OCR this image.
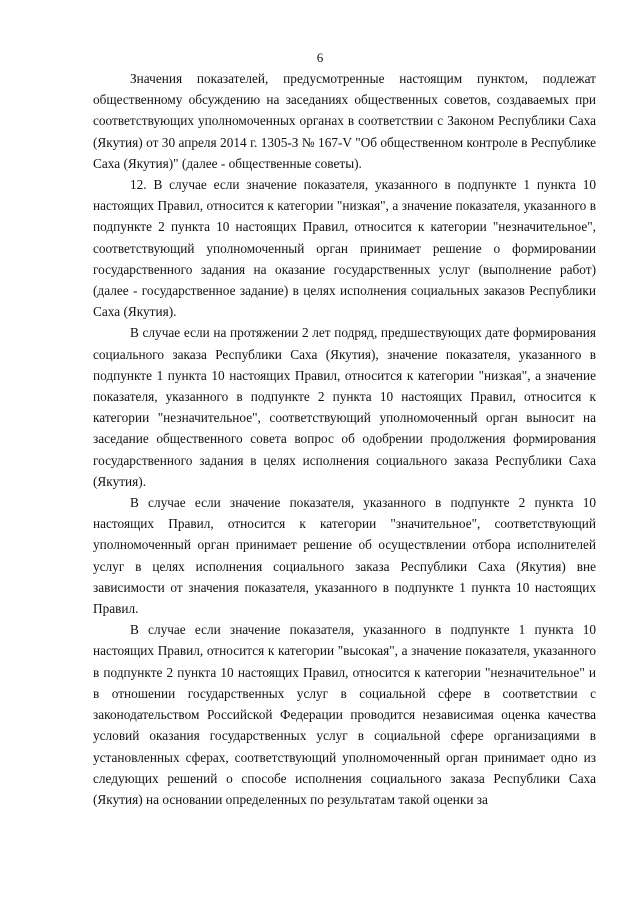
6

Значения показателей, предусмотренные настоящим пунктом, подлежат общественному обсуждению на заседаниях общественных советов, создаваемых при соответствующих уполномоченных органах в соответствии с Законом Республики Саха (Якутия) от 30 апреля 2014 г. 1305-З № 167-V "Об общественном контроле в Республике Саха (Якутия)" (далее - общественные советы).

12. В случае если значение показателя, указанного в подпункте 1 пункта 10 настоящих Правил, относится к категории "низкая", а значение показателя, указанного в подпункте 2 пункта 10 настоящих Правил, относится к категории "незначительное", соответствующий уполномоченный орган принимает решение о формировании государственного задания на оказание государственных услуг (выполнение работ) (далее - государственное задание) в целях исполнения социальных заказов Республики Саха (Якутия).

В случае если на протяжении 2 лет подряд, предшествующих дате формирования социального заказа Республики Саха (Якутия), значение показателя, указанного в подпункте 1 пункта 10 настоящих Правил, относится к категории "низкая", а значение показателя, указанного в подпункте 2 пункта 10 настоящих Правил, относится к категории "незначительное", соответствующий уполномоченный орган выносит на заседание общественного совета вопрос об одобрении продолжения формирования государственного задания в целях исполнения социального заказа Республики Саха (Якутия).

В случае если значение показателя, указанного в подпункте 2 пункта 10 настоящих Правил, относится к категории "значительное", соответствующий уполномоченный орган принимает решение об осуществлении отбора исполнителей услуг в целях исполнения социального заказа Республики Саха (Якутия) вне зависимости от значения показателя, указанного в подпункте 1 пункта 10 настоящих Правил.

В случае если значение показателя, указанного в подпункте 1 пункта 10 настоящих Правил, относится к категории "высокая", а значение показателя, указанного в подпункте 2 пункта 10 настоящих Правил, относится к категории "незначительное" и в отношении государственных услуг в социальной сфере в соответствии с законодательством Российской Федерации проводится независимая оценка качества условий оказания государственных услуг в социальной сфере организациями в установленных сферах, соответствующий уполномоченный орган принимает одно из следующих решений о способе исполнения социального заказа Республики Саха (Якутия) на основании определенных по результатам такой оценки за
